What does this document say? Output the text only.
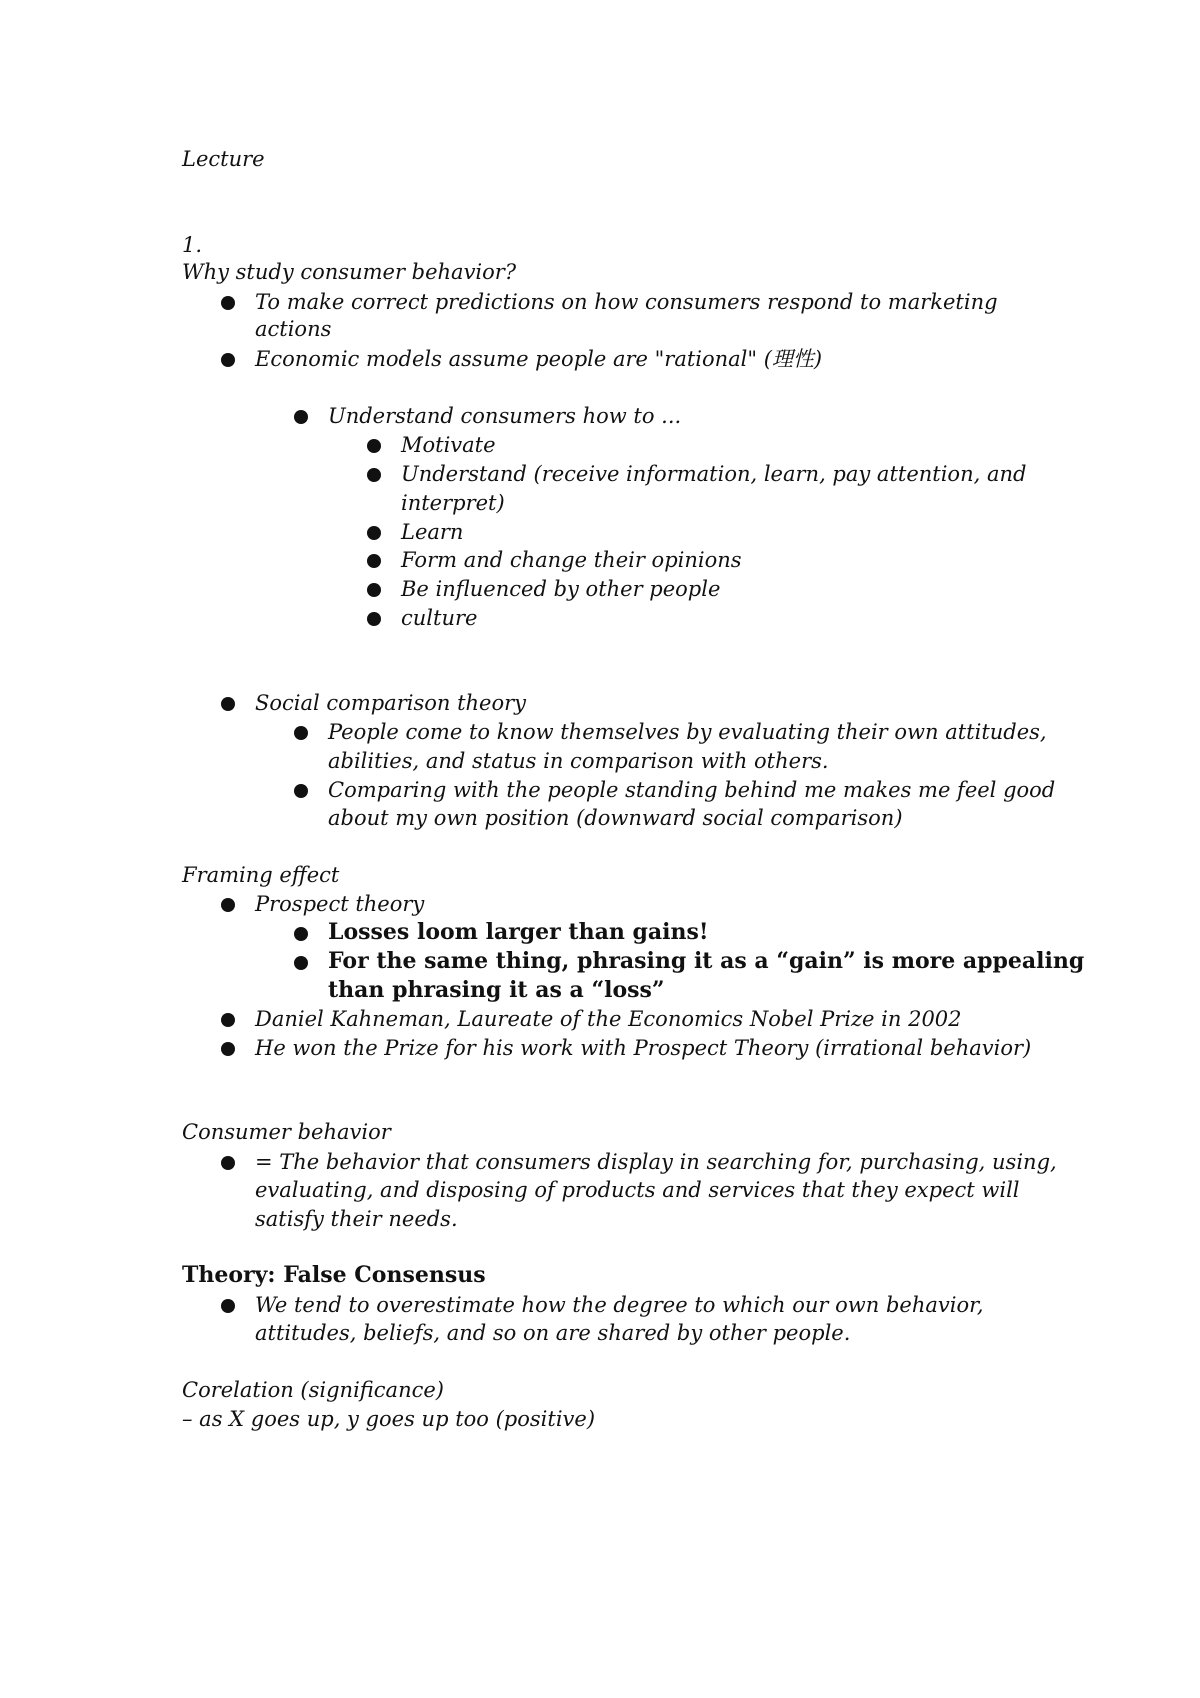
Lecture
1.
Why study consumer behavior?
To make correct predictions on how consumers respond to marketing
actions
Economic models assume people are "rational" (理性)
Understand consumers how to ...
Motivate
Understand (receive information, learn, pay attention, and
interpret)
Learn
Form and change their opinions
Be influenced by other people
culture
Social comparison theory
People come to know themselves by evaluating their own attitudes,
abilities, and status in comparison with others.
Comparing with the people standing behind me makes me feel good
about my own position (downward social comparison)
Framing effect
Prospect theory
Losses loom larger than gains!
For the same thing, phrasing it as a “gain” is more appealing
than phrasing it as a “loss”
Daniel Kahneman, Laureate of the Economics Nobel Prize in 2002
He won the Prize for his work with Prospect Theory (irrational behavior)
Consumer behavior
= The behavior that consumers display in searching for, purchasing, using,
evaluating, and disposing of products and services that they expect will
satisfy their needs.
Theory: False Consensus
We tend to overestimate how the degree to which our own behavior,
attitudes, beliefs, and so on are shared by other people.
Corelation (significance)
– as X goes up, y goes up too (positive)
